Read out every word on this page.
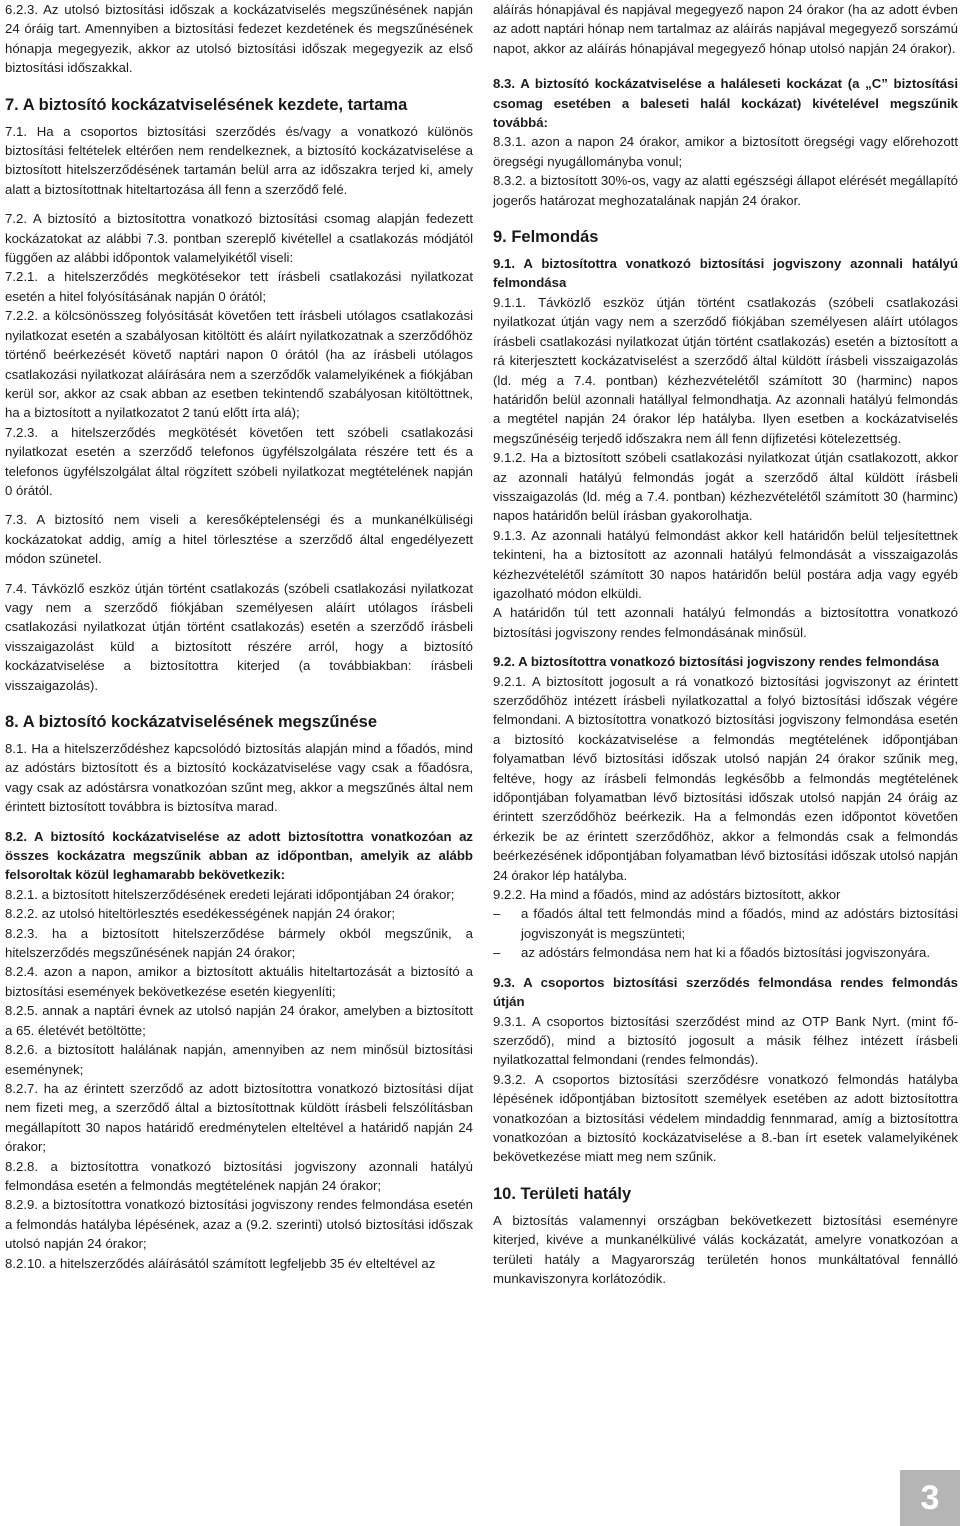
6.2.3. Az utolsó biztosítási időszak a kockázatviselés megszűnésének napján 24 óráig tart. Amennyiben a biztosítási fedezet kezdetének és megszűnésének hónapja megegyezik, akkor az utolsó biztosítási időszak megegyezik az első biztosítási időszakkal.

7. A biztosító kockázatviselésének kezdete, tartama

7.1. Ha a csoportos biztosítási szerződés és/vagy a vonatkozó különös biztosítási feltételek eltérően nem rendelkeznek, a biztosító kockázatviselése a biztosított hitelszerződésének tartamán belül arra az időszakra terjed ki, amely alatt a biztosítottnak hiteltartozása áll fenn a szerződő felé.

7.2. A biztosító a biztosítottra vonatkozó biztosítási csomag alapján fedezett kockázatokat az alábbi 7.3. pontban szereplő kivétellel a csatlakozás módjától függően az alábbi időpontok valamelyikétől viseli:

7.2.1. a hitelszerződés megkötésekor tett írásbeli csatlakozási nyilatkozat esetén a hitel folyósításának napján 0 órától;

7.2.2. a kölcsönösszeg folyósítását követően tett írásbeli utólagos csatlakozási nyilatkozat esetén a szabályosan kitöltött és aláírt nyilatkozatnak a szerződőhöz történő beérkezését követő naptári napon 0 órától (ha az írásbeli utólagos csatlakozási nyilatkozat aláírására nem a szerződők valamelyikének a fiókjában kerül sor, akkor az csak abban az esetben tekintendő szabályosan kitöltöttnek, ha a biztosított a nyilatkozatot 2 tanú előtt írta alá);

7.2.3. a hitelszerződés megkötését követően tett szóbeli csatlakozási nyilatkozat esetén a szerződő telefonos ügyfélszolgálata részére tett és a telefonos ügyfélszolgálat által rögzített szóbeli nyilatkozat megtételének napján 0 órától.

7.3. A biztosító nem viseli a keresőképtelenségi és a munkanélküliségi kockázatokat addig, amíg a hitel törlesztése a szerződő által engedélyezett módon szünetel.

7.4. Távközlő eszköz útján történt csatlakozás (szóbeli csatlakozási nyilatkozat vagy nem a szerződő fiókjában személyesen aláírt utólagos írásbeli csatlakozási nyilatkozat útján történt csatlakozás) esetén a szerződő írásbeli visszaigazolást küld a biztosított részére arról, hogy a biztosító kockázatviselése a biztosítottra kiterjed (a továbbiakban: írásbeli visszaigazolás).

8. A biztosító kockázatviselésének megszűnése

8.1. Ha a hitelszerződéshez kapcsolódó biztosítás alapján mind a főadós, mind az adóstárs biztosított és a biztosító kockázatviselése vagy csak a főadósra, vagy csak az adóstársra vonatkozóan szűnt meg, akkor a megszűnés által nem érintett biztosított továbbra is biztosítva marad.

8.2. A biztosító kockázatviselése az adott biztosítottra vonatkozóan az összes kockázatra megszűnik abban az időpontban, amelyik az alább felsoroltak közül leghamarabb bekövetkezik:

8.2.1. a biztosított hitelszerződésének eredeti lejárati időpontjában 24 órakor;

8.2.2. az utolsó hiteltörlesztés esedékességének napján 24 órakor;

8.2.3. ha a biztosított hitelszerződése bármely okból megszűnik, a hitelszerződés megszűnésének napján 24 órakor;

8.2.4. azon a napon, amikor a biztosított aktuális hiteltartozását a biztosító a biztosítási események bekövetkezése esetén kiegyenlíti;

8.2.5. annak a naptári évnek az utolsó napján 24 órakor, amelyben a biztosított a 65. életévét betöltötte;

8.2.6. a biztosított halálának napján, amennyiben az nem minősül biztosítási eseménynek;

8.2.7. ha az érintett szerződő az adott biztosítottra vonatkozó biztosítási díjat nem fizeti meg, a szerződő által a biztosítottnak küldött írásbeli felszólításban megállapított 30 napos határidő eredménytelen elteltével a határidő napján 24 órakor;

8.2.8. a biztosítottra vonatkozó biztosítási jogviszony azonnali hatályú felmondása esetén a felmondás megtételének napján 24 órakor;

8.2.9. a biztosítottra vonatkozó biztosítási jogviszony rendes felmondása esetén a felmondás hatályba lépésének, azaz a (9.2. szerinti) utolsó biztosítási időszak utolsó napján 24 órakor;

8.2.10. a hitelszerződés aláírásától számított legfeljebb 35 év elteltével az

aláírás hónapjával és napjával megegyező napon 24 órakor (ha az adott évben az adott naptári hónap nem tartalmaz az aláírás napjával megegyező sorszámú napot, akkor az aláírás hónapjával megegyező hónap utolsó napján 24 órakor).

8.3. A biztosító kockázatviselése a haláleseti kockázat (a „C” biztosítási csomag esetében a baleseti halál kockázat) kivételével megszűnik továbbá:

8.3.1. azon a napon 24 órakor, amikor a biztosított öregségi vagy előrehozott öregségi nyugállományba vonul;

8.3.2. a biztosított 30%-os, vagy az alatti egészségi állapot elérését megállapító jogerős határozat meghozatalának napján 24 órakor.

9. Felmondás

9.1. A biztosítottra vonatkozó biztosítási jogviszony azonnali hatályú felmondása

9.1.1. Távközlő eszköz útján történt csatlakozás (szóbeli csatlakozási nyilatkozat útján vagy nem a szerződő fiókjában személyesen aláírt utólagos írásbeli csatlakozási nyilatkozat útján történt csatlakozás) esetén a biztosított a rá kiterjesztett kockázatviselést a szerződő által küldött írásbeli visszaigazolás (ld. még a 7.4. pontban) kézhezvételétől számított 30 (harminc) napos határidőn belül azonnali hatállyal felmondhatja. Az azonnali hatályú felmondás a megtétel napján 24 órakor lép hatályba. Ilyen esetben a kockázatviselés megszűnéséig terjedő időszakra nem áll fenn díjfizetési kötelezettség.

9.1.2. Ha a biztosított szóbeli csatlakozási nyilatkozat útján csatlakozott, akkor az azonnali hatályú felmondás jogát a szerződő által küldött írásbeli visszaigazolás (ld. még a 7.4. pontban) kézhezvételétől számított 30 (harminc) napos határidőn belül írásban gyakorolhatja.

9.1.3. Az azonnali hatályú felmondást akkor kell határidőn belül teljesítettnek tekinteni, ha a biztosított az azonnali hatályú felmondását a visszaigazolás kézhezvételétől számított 30 napos határidőn belül postára adja vagy egyéb igazolható módon elküldi.

A határidőn túl tett azonnali hatályú felmondás a biztosítottra vonatkozó biztosítási jogviszony rendes felmondásának minősül.

9.2. A biztosítottra vonatkozó biztosítási jogviszony rendes felmondása

9.2.1. A biztosított jogosult a rá vonatkozó biztosítási jogviszonyt az érintett szerződőhöz intézett írásbeli nyilatkozattal a folyó biztosítási időszak végére felmondani. A biztosítottra vonatkozó biztosítási jogviszony felmondása esetén a biztosító kockázatviselése a felmondás megtételének időpontjában folyamatban lévő biztosítási időszak utolsó napján 24 órakor szűnik meg, feltéve, hogy az írásbeli felmondás legkésőbb a felmondás megtételének időpontjában folyamatban lévő biztosítási időszak utolsó napján 24 óráig az érintett szerződőhöz beérkezik. Ha a felmondás ezen időpontot követően érkezik be az érintett szerződőhöz, akkor a felmondás csak a felmondás beérkezésének időpontjában folyamatban lévő biztosítási időszak utolsó napján 24 órakor lép hatályba.

9.2.2. Ha mind a főadós, mind az adóstárs biztosított, akkor

–	a főadós által tett felmondás mind a főadós, mind az adóstárs biztosítási jogviszonyát is megszünteti;
–	az adóstárs felmondása nem hat ki a főadós biztosítási jogviszonyára.

9.3. A csoportos biztosítási szerződés felmondása rendes felmondás útján

9.3.1. A csoportos biztosítási szerződést mind az OTP Bank Nyrt. (mint fő-szerződő), mind a biztosító jogosult a másik félhez intézett írásbeli nyilatkozattal felmondani (rendes felmondás).

9.3.2. A csoportos biztosítási szerződésre vonatkozó felmondás hatályba lépésének időpontjában biztosított személyek esetében az adott biztosítottra vonatkozóan a biztosítási védelem mindaddig fennmarad, amíg a biztosítottra vonatkozóan a biztosító kockázatviselése a 8.-ban írt esetek valamelyikének bekövetkezése miatt meg nem szűnik.

10. Területi hatály

A biztosítás valamennyi országban bekövetkezett biztosítási eseményre kiterjed, kivéve a munkanélkülivé válás kockázatát, amelyre vonatkozóan a területi hatály a Magyarország területén honos munkáltatóval fennálló munkaviszonyra korlátozódik.

3
